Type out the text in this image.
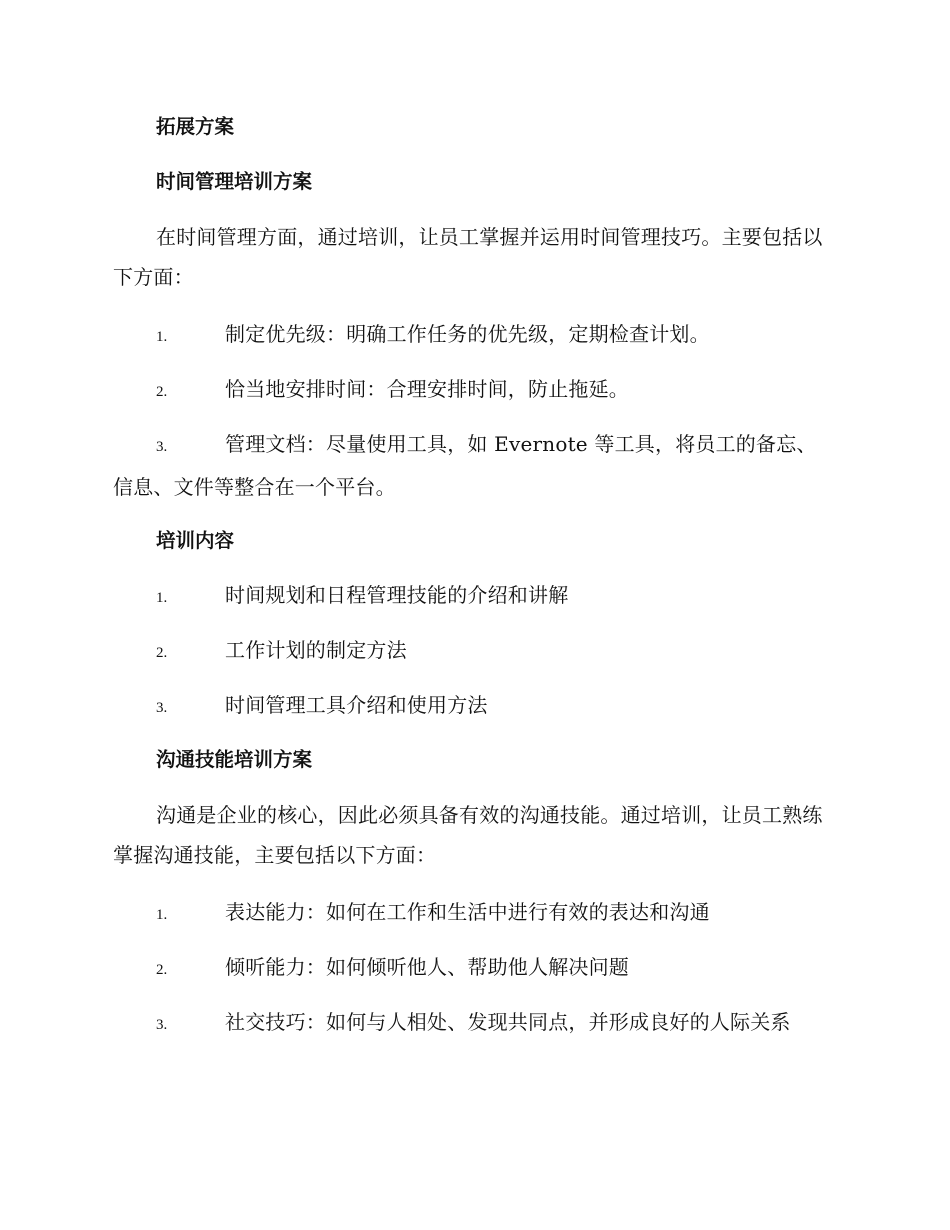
拓展方案
时间管理培训方案
在时间管理方面，通过培训，让员工掌握并运用时间管理技巧。主要包括以下方面：
1.	制定优先级：明确工作任务的优先级，定期检查计划。
2.	恰当地安排时间：合理安排时间，防止拖延。
3.	管理文档：尽量使用工具，如 Evernote 等工具，将员工的备忘、信息、文件等整合在一个平台。
培训内容
1.	时间规划和日程管理技能的介绍和讲解
2.	工作计划的制定方法
3.	时间管理工具介绍和使用方法
沟通技能培训方案
沟通是企业的核心，因此必须具备有效的沟通技能。通过培训，让员工熟练掌握沟通技能，主要包括以下方面：
1.	表达能力：如何在工作和生活中进行有效的表达和沟通
2.	倾听能力：如何倾听他人、帮助他人解决问题
3.	社交技巧：如何与人相处、发现共同点，并形成良好的人际关系
